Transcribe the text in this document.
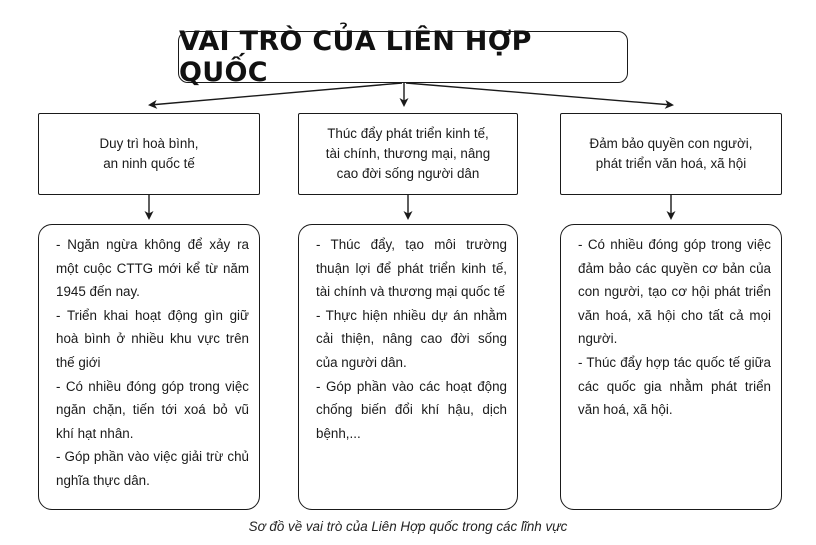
VAI TRÒ CỦA LIÊN HỢP QUỐC
Duy trì hoà bình,
an ninh quốc tế
Thúc đẩy phát triển kinh tế,
tài chính, thương mại, nâng
cao đời sống người dân
Đảm bảo quyền con người,
phát triển văn hoá, xã hội

- Ngăn ngừa không để xảy ra một cuộc CTTG mới kể từ năm 1945 đến nay.

- Triển khai hoạt động gìn giữ hoà bình ở nhiều khu vực trên thế giới

- Có nhiều đóng góp trong việc ngăn chặn, tiến tới xoá bỏ vũ khí hạt nhân.

- Góp phần vào việc giải trừ chủ nghĩa thực dân.

- Thúc đẩy, tạo môi trường thuận lợi để phát triển kinh tế, tài chính và thương mại quốc tế

- Thực hiện nhiều dự án nhằm cải thiện, nâng cao đời sống của người dân.

- Góp phần vào các hoạt động chống biến đổi khí hậu, dịch bệnh,...

- Có nhiều đóng góp trong việc đảm bảo các quyền cơ bản của con người, tạo cơ hội phát triển văn hoá, xã hội cho tất cả mọi người.

- Thúc đẩy hợp tác quốc tế giữa các quốc gia nhằm phát triển văn hoá, xã hội.

Sơ đồ về vai trò của Liên Hợp quốc trong các lĩnh vực
